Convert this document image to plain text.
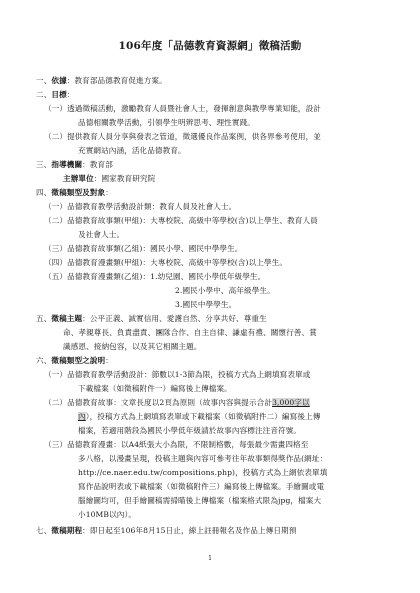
106年度「品德教育資源網」徵稿活動
一、依據：教育部品德教育促進方案。
二、目標：
（一）透過徵稿活動，激勵教育人員暨社會人士，發揮創意與教學專業知能，設計
品德相關教學活動，引領學生明辨思考、理性實踐。
（二）提供教育人員分享與發表之管道，徵選優良作品案例，供各界參考使用，並
充實網站內涵，活化品德教育。
三、指導機關：教育部
主辦單位：國家教育研究院
四、徵稿類型及對象：
（一）品德教育教學活動設計類：教育人員及社會人士。
（二）品德教育故事類(甲組)：大專校院、高級中等學校(含)以上學生、教育人員
及社會人士。
（三）品德教育故事類(乙組)：國民小學、國民中學學生。
（四）品德教育漫畫類(甲組)：大專校院、高級中等學校(含)以上學生。
（五）品德教育漫畫類(乙組)：1.幼兒園、國民小學低年級學生。
2.國民小學中、高年級學生。
3.國民中學學生。
五、徵稿主題：公平正義、誠實信用、愛護自然、分享共好、尊重生
命、孝親尊長、負責盡責、團隊合作、自主自律、謙虛有禮、關懷行善、賞
識感恩、接納包容，以及其它相關主題。
六、徵稿類型之說明：
（一）品德教育教學活動設計：節數以1-3節為限，投稿方式為上網填寫表單或
下載檔案（如徵稿附件一）編寫後上傳檔案。
（二）品德教育故事：文章長度以2頁為原則（故事內容與提示合計3,000字以
內），投稿方式為上網填寫表單或下載檔案（如徵稿附件二）編寫後上傳
檔案，若適用階段為國民小學低年級請於故事內容標注注音符號。
（三）品德教育漫畫：以A4紙張大小為限，不限制格數，每張最少需畫四格至
多八格，以漫畫呈現，投稿主題與內容可參考往年故事類得獎作品(網址：
http://ce.naer.edu.tw/compositions.php)，投稿方式為上網依表單填
寫作品說明表或下載檔案（如徵稿附件三）編寫後上傳檔案。手繪圖或電
腦繪圖均可，但手繪圖稿需掃瞄後上傳檔案（檔案格式限為jpg，檔案大
小10MB以內）。
七、徵稿期程：即日起至106年8月15日止，線上註冊報名及作品上傳日期預
1
